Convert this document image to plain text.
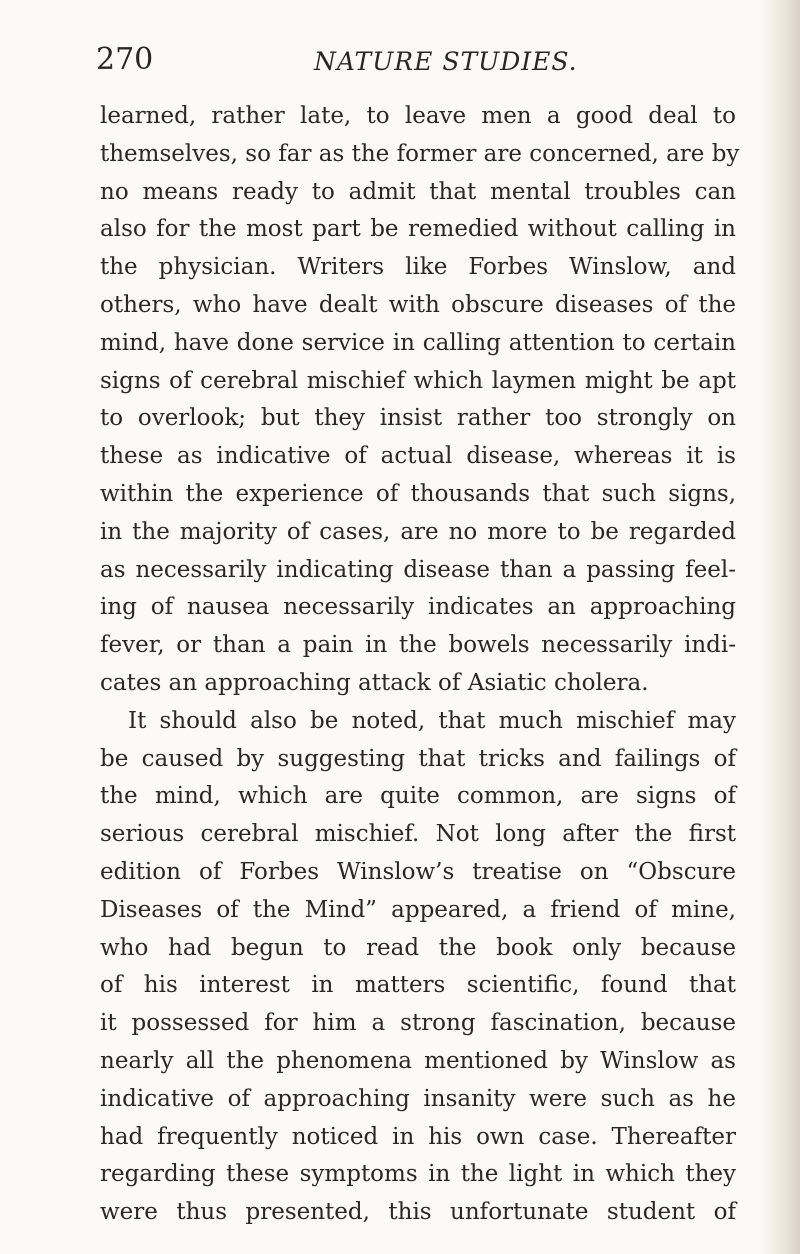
270	NATURE STUDIES.
learned, rather late, to leave men a good deal to
themselves, so far as the former are concerned, are by
no means ready to admit that mental troubles can
also for the most part be remedied without calling in
the physician. Writers like Forbes Winslow, and
others, who have dealt with obscure diseases of the
mind, have done service in calling attention to certain
signs of cerebral mischief which laymen might be apt
to overlook; but they insist rather too strongly on
these as indicative of actual disease, whereas it is
within the experience of thousands that such signs,
in the majority of cases, are no more to be regarded
as necessarily indicating disease than a passing feel-
ing of nausea necessarily indicates an approaching
fever, or than a pain in the bowels necessarily indi-
cates an approaching attack of Asiatic cholera.
It should also be noted, that much mischief may
be caused by suggesting that tricks and failings of
the mind, which are quite common, are signs of
serious cerebral mischief. Not long after the first
edition of Forbes Winslow’s treatise on “Obscure
Diseases of the Mind” appeared, a friend of mine,
who had begun to read the book only because
of his interest in matters scientific, found that
it possessed for him a strong fascination, because
nearly all the phenomena mentioned by Winslow as
indicative of approaching insanity were such as he
had frequently noticed in his own case. Thereafter
regarding these symptoms in the light in which they
were thus presented, this unfortunate student of
